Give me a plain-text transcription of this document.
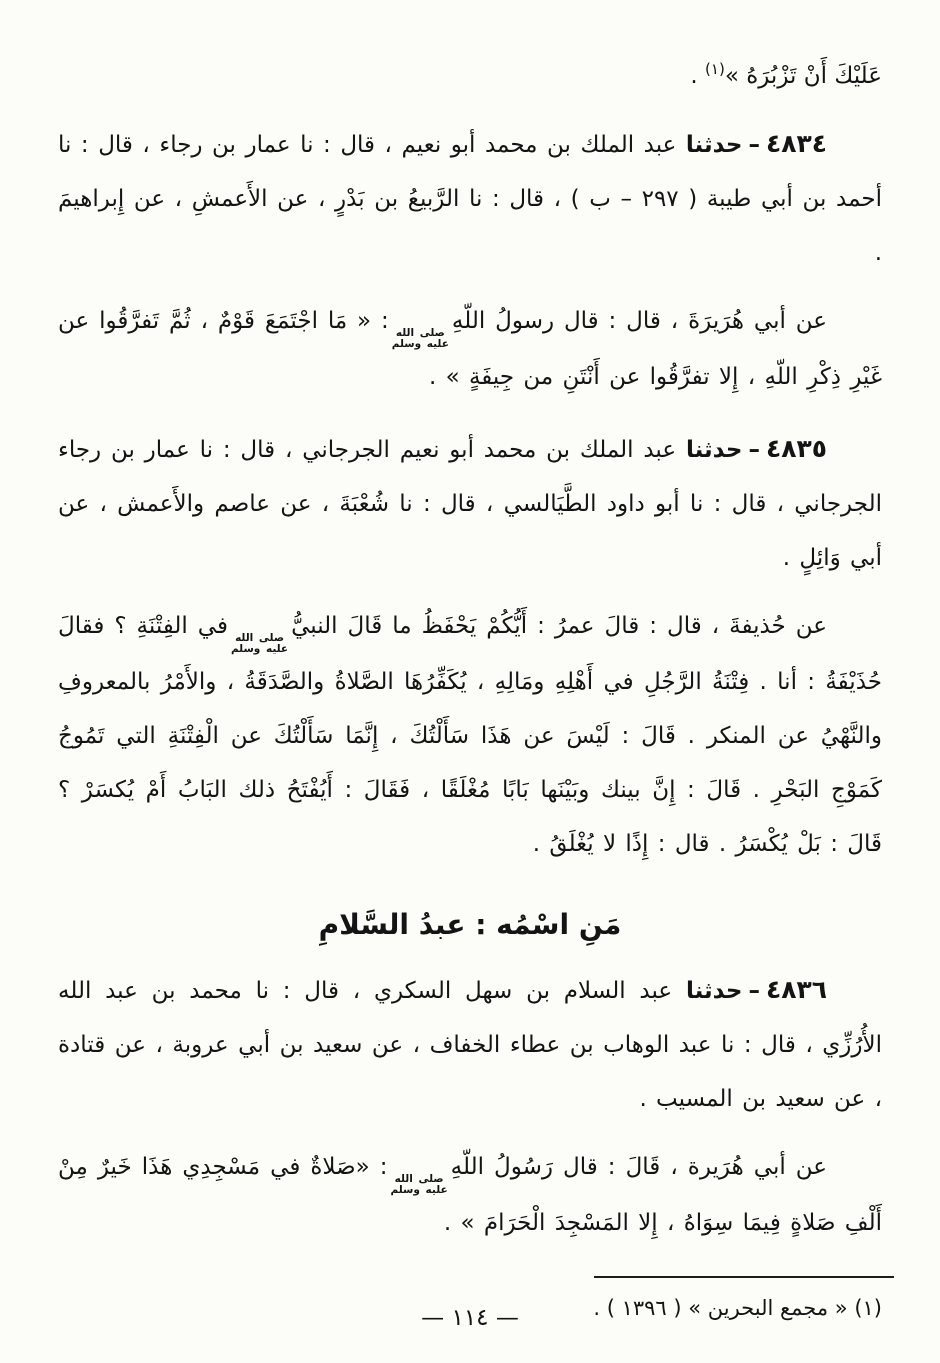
عَلَيْكَ أَنْ تَزْبُرَهُ »$^{(١)}$ .

٤٨٣٤–حدثنا عبد الملك بن محمد أبو نعيم ، قال : نا عمار بن رجاء ، قال : نا أحمد بن أبي طيبة ( ٢٩٧ – ب ) ، قال : نا الرَّبيعُ بن بَدْرٍ ، عن الأَعمشِ ، عن إِبراهيمَ .

عن أبي هُرَيرَةَ ، قال : قال رسولُ اللّهِ
صلى الله
عليه وسلم
: « مَا اجْتَمَعَ قَوْمٌ ، ثُمَّ تَفرَّقُوا عن غَيْرِ ذِكْرِ اللّهِ ، إِلا تفرَّقُوا عن أَنْتَنِ من جِيفَةٍ » .

٤٨٣٥–حدثنا عبد الملك بن محمد أبو نعيم الجرجاني ، قال : نا عمار بن رجاء الجرجاني ، قال : نا أبو داود الطَّيَالسي ، قال : نا شُعْبَةَ ، عن عاصم والأَعمش ، عن أبي وَائِلٍ .

عن حُذيفةَ ، قال : قالَ عمرُ : أَيُّكُمْ يَحْفَظُ ما قَالَ النبيُّ
صلى الله
عليه وسلم
في الفِتْنَةِ ؟ فقالَ حُذَيْفَةُ : أنا . فِتْنَةُ الرَّجُلِ في أَهْلِهِ ومَالِهِ ، يُكَفِّرُهَا الصَّلاةُ والصَّدَقَةُ ، والأَمْرُ بالمعروفِ والنَّهْيُ عن المنكر . قَالَ : لَيْسَ عن هَذَا سَأَلْتُكَ ، إِنَّمَا سَأَلْتُكَ عن الْفِتْنَةِ التي تَمُوجُ كَمَوْجِ البَحْرِ . قَالَ : إِنَّ بينك وبَيْنَها بَابًا مُغْلَقًا ، فَقَالَ : أَيُفْتَحُ ذلك البَابُ أَمْ يُكسَرْ ؟ قَالَ : بَلْ يُكْسَرُ . قال : إِذًا لا يُغْلَقُ .

مَنِ اسْمُه : عبدُ السَّلامِ

٤٨٣٦–حدثنا عبد السلام بن سهل السكري ، قال : نا محمد بن عبد الله الأُرُزِّي ، قال : نا عبد الوهاب بن عطاء الخفاف ، عن سعيد بن أبي عروبة ، عن قتادة ، عن سعيد بن المسيب .

عن أبي هُرَيرة ، قَالَ : قال رَسُولُ اللّهِ
صلى الله
عليه وسلم
: «صَلاةٌ في مَسْجِدِي هَذَا خَيرٌ مِنْ أَلْفِ صَلاةٍ فِيمَا سِوَاهُ ، إِلا المَسْجِدَ الْحَرَامَ » .

(١) « مجمع البحرين » ( ١٣٩٦ ) .

— ١١٤ —
